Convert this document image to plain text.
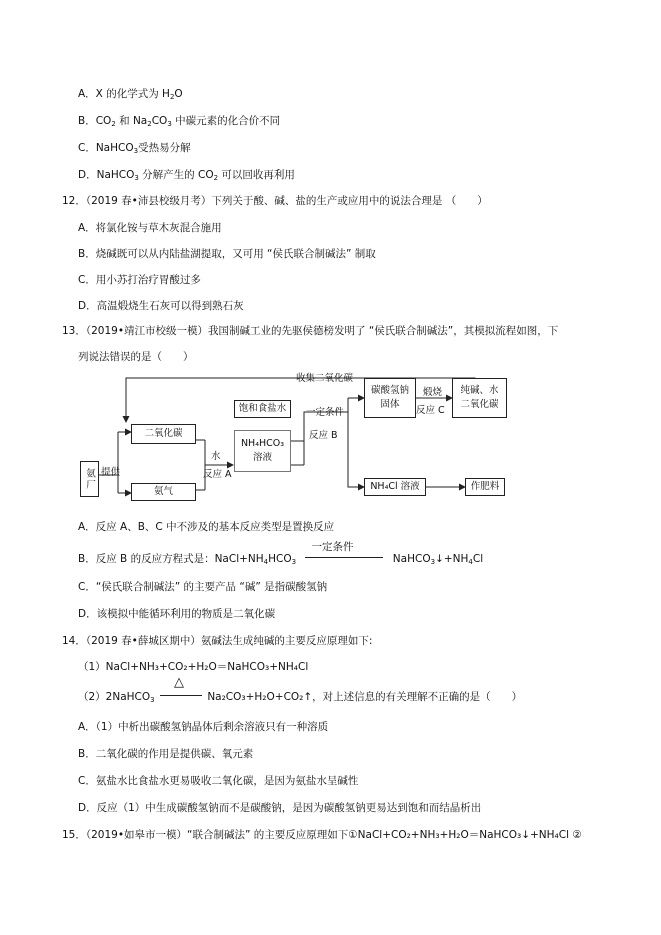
A．X 的化学式为 $H_2O$
B．$CO_2$ 和 $Na_2CO_3$ 中碳元素的化合价不同
C．NaHCO$_3$受热易分解
D．NaHCO$_3$ 分解产生的 $CO_2$ 可以回收再利用
12．（2019 春•沛县校级月考）下列关于酸、碱、盐的生产或应用中的说法合理是 （　　）
A．将氯化铵与草木灰混合施用
B．烧碱既可以从内陆盐湖提取，又可用 “侯氏联合制碱法” 制取
C．用小苏打治疗胃酸过多
D．高温煅烧生石灰可以得到熟石灰
13．（2019•靖江市校级一模）我国制碱工业的先驱侯德榜发明了 “侯氏联合制碱法”，其模拟流程如图，下
列说法错误的是（　　）
收集二氧化碳
氨厂 提供
二氧化碳
氨气
水
反应 A
NH₄HCO₃
溶液
饱和食盐水	一定条件
反应 B
碳酸氢钠
固体
煅烧
反应 C
纯碱、水
二氧化碳
NH₄Cl 溶液	作肥料
A．反应 A、B、C 中不涉及的基本反应类型是置换反应
B．反应 B 的反应方程式是：$NaCl+NH_4HCO_3$
一定条件
$NaHCO_3↓+NH_4Cl$
C．“侯氏联合制碱法” 的主要产品 “碱” 是指碳酸氢钠
D．该模拟中能循环利用的物质是二氧化碳
14．（2019 春•薛城区期中）氨碱法生成纯碱的主要反应原理如下:
（1）NaCl+NH₃+CO₂+H₂O＝NaHCO₃+NH₄Cl
（2）2NaHCO$_3$
△
Na₂CO₃+H₂O+CO₂↑，对上述信息的有关理解不正确的是（　　）
A．（1）中析出碳酸氢钠晶体后剩余溶液只有一种溶质
B．二氧化碳的作用是提供碳、氧元素
C．氨盐水比食盐水更易吸收二氧化碳，是因为氨盐水呈碱性
D．反应（1）中生成碳酸氢钠而不是碳酸钠，是因为碳酸氢钠更易达到饱和而结晶析出
15．（2019•如皋市一模）“联合制碱法” 的主要反应原理如下①NaCl+CO₂+NH₃+H₂O＝NaHCO₃↓+NH₄Cl ②
